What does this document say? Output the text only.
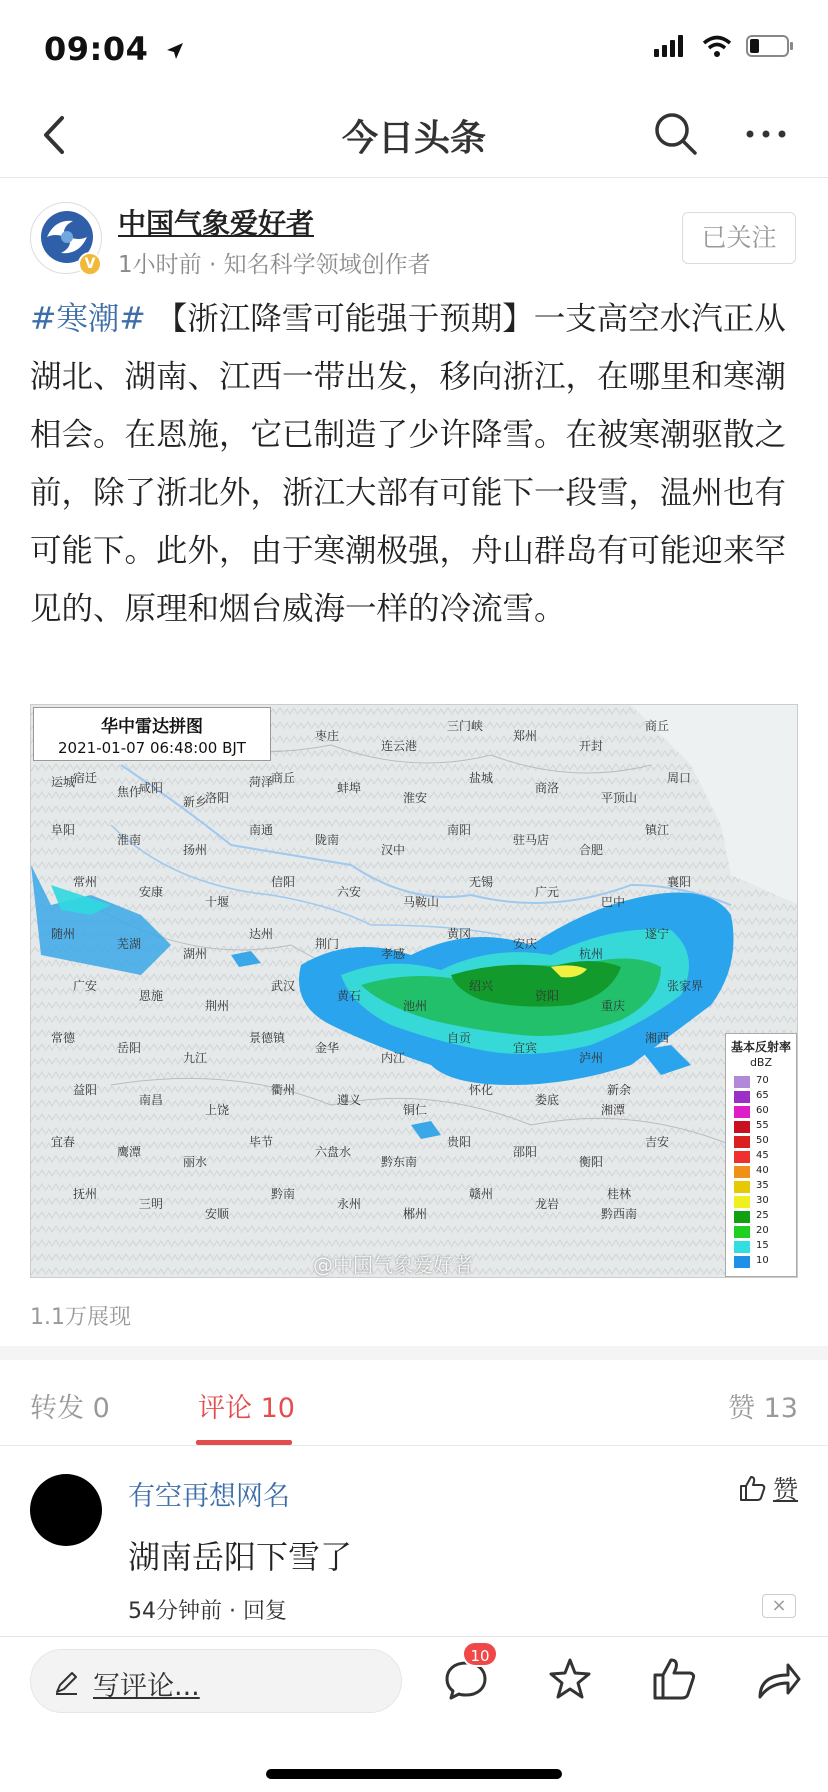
09:04
今日头条
V
中国气象爱好者
1小时前 · 知名科学领域创作者
已关注
#寒潮# 【浙江降雪可能强于预期】一支高空水汽正从湖北、湖南、江西一带出发，移向浙江，在哪里和寒潮相会。在恩施，它已制造了少许降雪。在被寒潮驱散之前，除了浙北外，浙江大部有可能下一段雪，温州也有可能下。此外，由于寒潮极强，舟山群岛有可能迎来罕见的、原理和烟台威海一样的冷流雪。
运城
焦作
新乡
菏泽
枣庄
连云港
三门峡
郑州
开封
商丘
宿迁
咸阳
洛阳
商丘
蚌埠
淮安
盐城
商洛
平顶山
周口
阜阳
淮南
扬州
南通
陇南
汉中
南阳
驻马店
合肥
镇江
常州
安康
十堰
信阳
六安
马鞍山
无锡
广元
巴中
襄阳
随州
芜湖
湖州
达州
荆门
孝感
黄冈
安庆
杭州
遂宁
广安
恩施
荆州
武汉
黄石
池州
绍兴
资阳
重庆
张家界
常德
岳阳
九江
景德镇
金华
内江
自贡
宜宾
泸州
湘西
益阳
南昌
上饶
衢州
遵义
铜仁
怀化
娄底
湘潭
新余
宜春
鹰潭
丽水
毕节
六盘水
黔东南
贵阳
邵阳
衡阳
吉安
抚州
三明
安顺
黔南
永州
郴州
赣州
龙岩
黔西南
桂林
华中雷达拼图
2021-01-07 06:48:00 BJT
基本反射率
dBZ
70
65
60
55
50
45
40
35
30
25
20
15
10
@中国气象爱好者
1.1万展现
转发 0	评论 10	赞 13
有空再想网名	赞
湖南岳阳下雪了
54分钟前 · 回复	×
写评论...
10
